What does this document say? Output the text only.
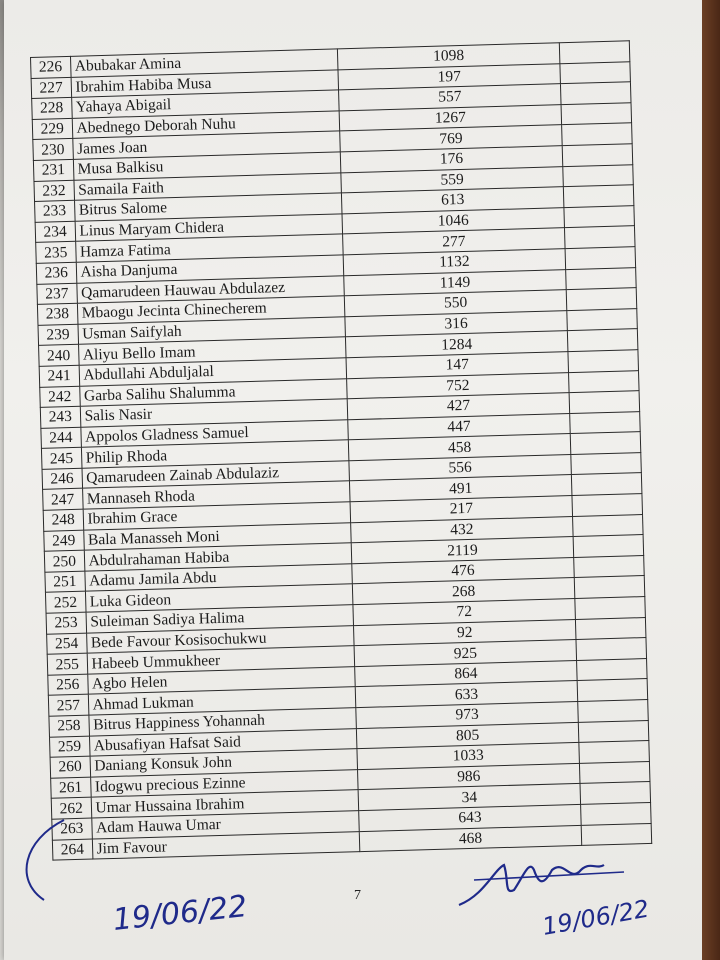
226	Abubakar Amina	1098	
227	Ibrahim Habiba Musa	197	
228	Yahaya Abigail	557	
229	Abednego Deborah Nuhu	1267	
230	James Joan	769	
231	Musa Balkisu	176	
232	Samaila Faith	559	
233	Bitrus Salome	613	
234	Linus Maryam Chidera	1046	
235	Hamza Fatima	277	
236	Aisha Danjuma	1132	
237	Qamarudeen Hauwau Abdulazez	1149	
238	Mbaogu Jecinta Chinecherem	550	
239	Usman Saifylah	316	
240	Aliyu Bello Imam	1284	
241	Abdullahi Abduljalal	147	
242	Garba Salihu Shalumma	752	
243	Salis Nasir	427	
244	Appolos Gladness Samuel	447	
245	Philip Rhoda	458	
246	Qamarudeen Zainab Abdulaziz	556	
247	Mannaseh Rhoda	491	
248	Ibrahim Grace	217	
249	Bala Manasseh Moni	432	
250	Abdulrahaman Habiba	2119	
251	Adamu Jamila Abdu	476	
252	Luka Gideon	268	
253	Suleiman Sadiya Halima	72	
254	Bede Favour Kosisochukwu	92	
255	Habeeb Ummukheer	925	
256	Agbo Helen	864	
257	Ahmad Lukman	633	
258	Bitrus Happiness Yohannah	973	
259	Abusafiyan Hafsat Said	805	
260	Daniang Konsuk John	1033	
261	Idogwu precious Ezinne	986	
262	Umar Hussaina Ibrahim	34	
263	Adam Hauwa Umar	643	
264	Jim Favour	468	
7
19/06/22	19/06/22
